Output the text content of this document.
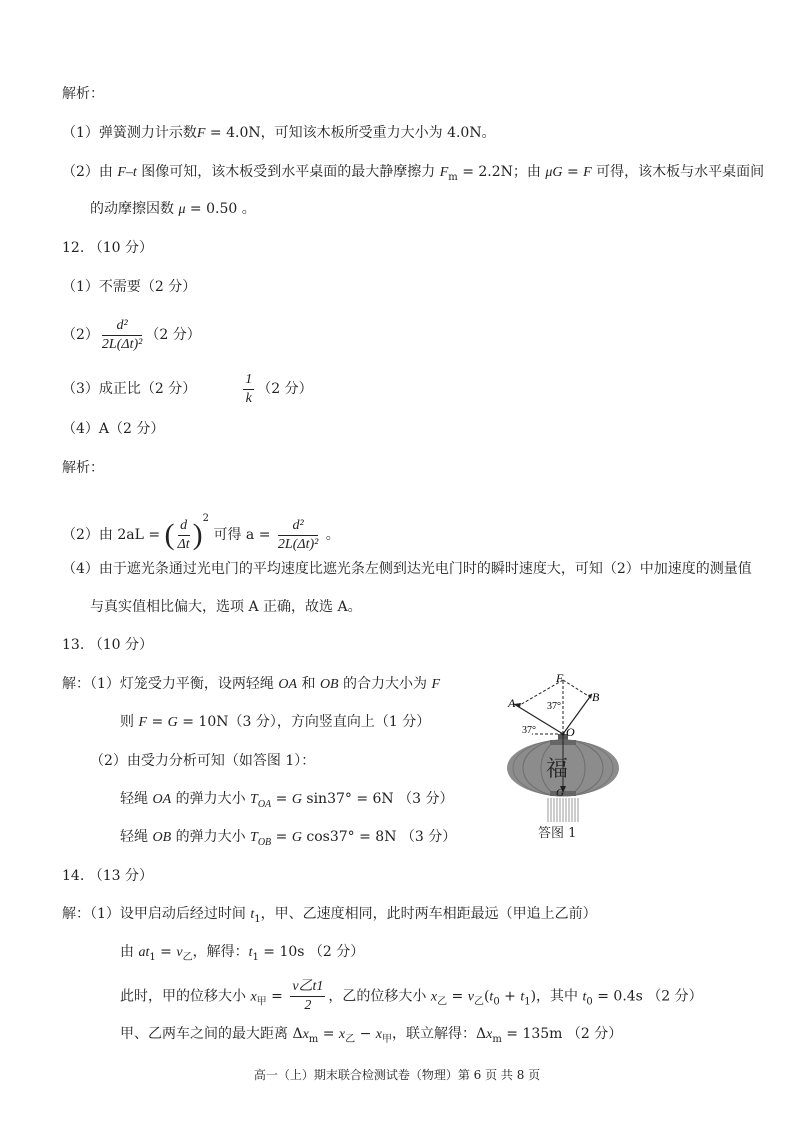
解析：
（1）弹簧测力计示数F = 4.0N，可知该木板所受重力大小为 4.0N。
（2）由 F–t 图像可知，该木板受到水平桌面的最大静摩擦力 $F_m = 2.2N$；由 μG = F 可得，该木板与水平桌面间
的动摩擦因数 μ = 0.50 。
12. （10 分）
（1）不需要（2 分）
$(2) \frac{\text{d²}}{\text{2L(Δt)²}} (2$ 分）
（3）成正比（2 分）	$\frac{1}{k} (2$ 分）
（4）A（2 分）
解析：
（2）由 2aL = ( $\frac{d}{\Delta t} )^2$ 可得 $a = \frac{\text{d²}}{\text{2L(Δt)²}}$ 。
（4）由于遮光条通过光电门的平均速度比遮光条左侧到达光电门时的瞬时速度大，可知（2）中加速度的测量值
与真实值相比偏大，选项 A 正确，故选 A。
13. （10 分）
解：（1）灯笼受力平衡，设两轻绳 OA 和 OB 的合力大小为 F
则 F = G = 10N（3 分），方向竖直向上（1 分）
（2）由受力分析可知（如答图 1）：
轻绳 OA 的弹力大小 $T_{OA} = G$ sin37° = 6N （3 分）
轻绳 OB 的弹力大小 $T_{OB} = G$ cos37° = 8N （3 分）
F
A	B
O
G
37°
37°
福
答图 1
14. （13 分）
解：（1）设甲启动后经过时间 $t_1$，甲、乙速度相同，此时两车相距最远（甲追上乙前）
由 $at_1 = v_乙$，解得：$t_1 = 10s$ （2 分）
此时，甲的位移大小 $x_甲 = \frac{\text{v乙t1}}{2}$ ，乙的位移大小 $x_乙 = v_乙(t_0 + t_1)$，其中 $t_0 = 0.4s$ （2 分）
甲、乙两车之间的最大距离 $\Delta x_m = x_乙 - x_甲$，联立解得：$\Delta x_m = 135m$ （2 分）
高一（上）期末联合检测试卷（物理）第 6 页 共 8 页
